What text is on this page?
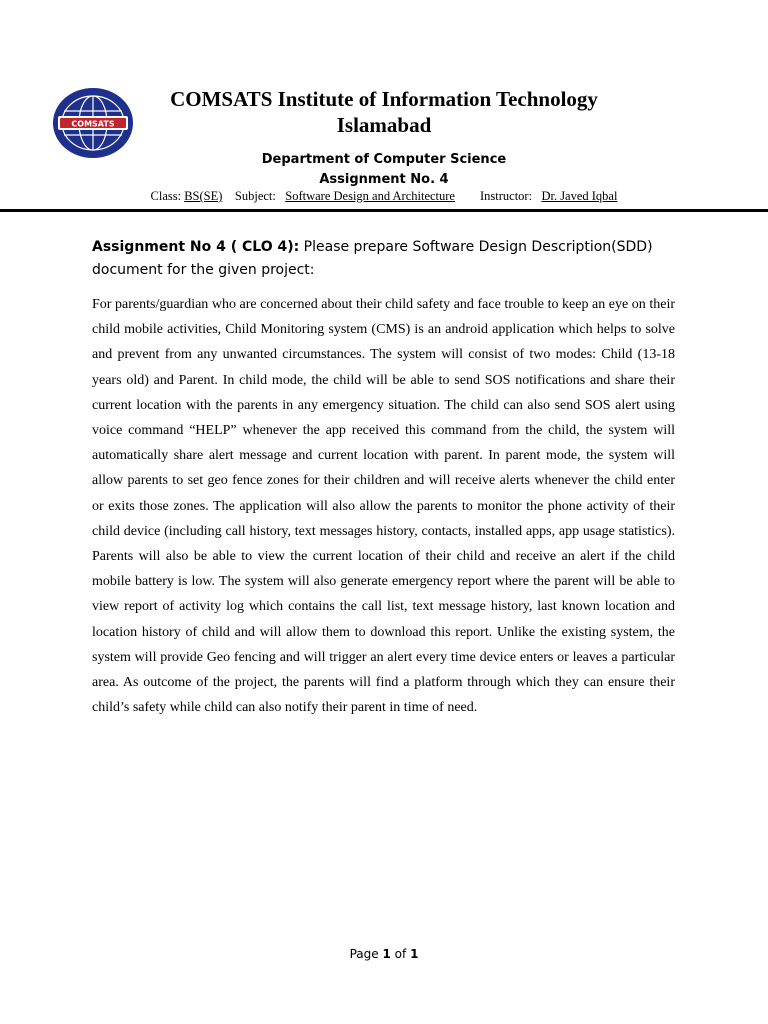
COMSATS
COMSATS Institute of Information Technology
Islamabad
Department of Computer Science
Assignment No. 4
Class: BS(SE) Subject: Software Design and Architecture Instructor: Dr. Javed Iqbal
Assignment No 4 ( CLO 4): Please prepare Software Design Description(SDD) document for the given project:
For parents/guardian who are concerned about their child safety and face trouble to keep an eye on their child mobile activities, Child Monitoring system (CMS) is an android application which helps to solve and prevent from any unwanted circumstances. The system will consist of two modes: Child (13-18 years old) and Parent. In child mode, the child will be able to send SOS notifications and share their current location with the parents in any emergency situation. The child can also send SOS alert using voice command “HELP” whenever the app received this command from the child, the system will automatically share alert message and current location with parent. In parent mode, the system will allow parents to set geo fence zones for their children and will receive alerts whenever the child enter or exits those zones. The application will also allow the parents to monitor the phone activity of their child device (including call history, text messages history, contacts, installed apps, app usage statistics). Parents will also be able to view the current location of their child and receive an alert if the child mobile battery is low. The system will also generate emergency report where the parent will be able to view report of activity log which contains the call list, text message history, last known location and location history of child and will allow them to download this report. Unlike the existing system, the system will provide Geo fencing and will trigger an alert every time device enters or leaves a particular area. As outcome of the project, the parents will find a platform through which they can ensure their child’s safety while child can also notify their parent in time of need.
Page 1 of 1
